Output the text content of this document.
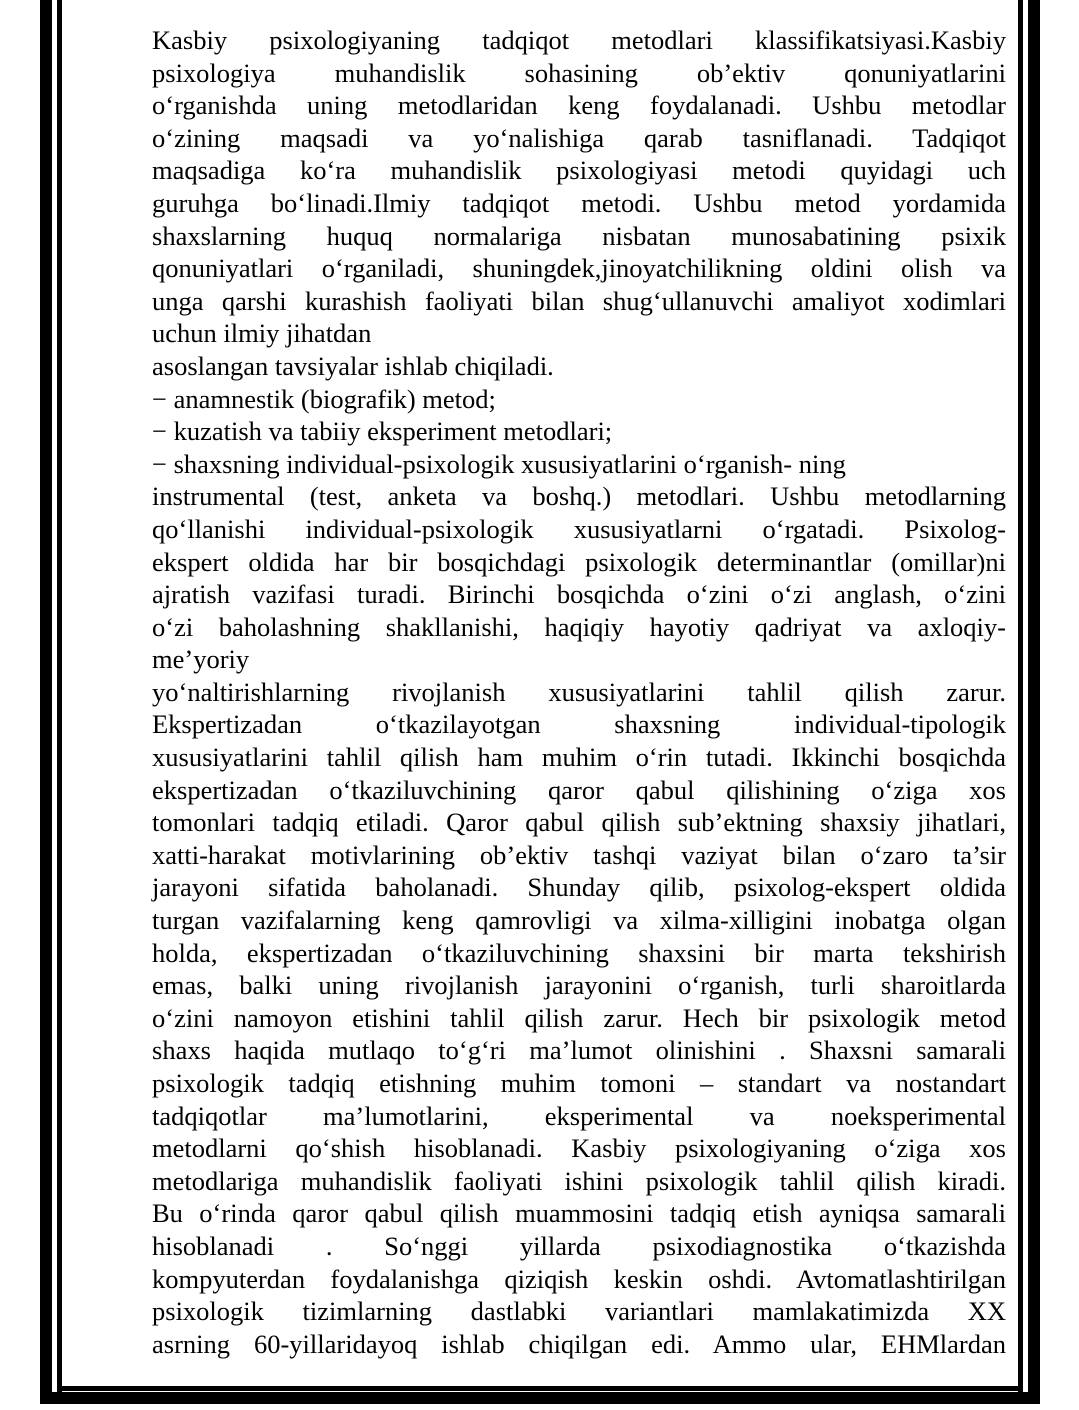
Kasbiy psixologiyaning tadqiqot metodlari klassifikatsiyasi.Kasbiy
psixologiya muhandislik sohasining ob’ektiv qonuniyatlarini
o‘rganishda uning metodlaridan keng foydalanadi. Ushbu metodlar
o‘zining maqsadi va yo‘nalishiga qarab tasniflanadi. Tadqiqot
maqsadiga ko‘ra muhandislik psixologiyasi metodi quyidagi uch
guruhga bo‘linadi.Ilmiy tadqiqot metodi. Ushbu metod yordamida
shaxslarning huquq normalariga nisbatan munosabatining psixik
qonuniyatlari o‘rganiladi, shuningdek,jinoyatchilikning oldini olish va
unga qarshi kurashish faoliyati bilan shug‘ullanuvchi amaliyot xodimlari
uchun ilmiy jihatdan
asoslangan tavsiyalar ishlab chiqiladi.
− anamnestik (biografik) metod;
− kuzatish va tabiiy eksperiment metodlari;
− shaxsning individual-psixologik xususiyatlarini o‘rganish- ning
instrumental (test, anketa va boshq.) metodlari. Ushbu metodlarning
qo‘llanishi individual-psixologik xususiyatlarni o‘rgatadi. Psixolog-
ekspert oldida har bir bosqichdagi psixologik determinantlar (omillar)ni
ajratish vazifasi turadi. Birinchi bosqichda o‘zini o‘zi anglash, o‘zini
o‘zi baholashning shakllanishi, haqiqiy hayotiy qadriyat va axloqiy-
me’yoriy
yo‘naltirishlarning rivojlanish xususiyatlarini tahlil qilish zarur.
Ekspertizadan o‘tkazilayotgan shaxsning individual-tipologik
xususiyatlarini tahlil qilish ham muhim o‘rin tutadi. Ikkinchi bosqichda
ekspertizadan o‘tkaziluvchining qaror qabul qilishining o‘ziga xos
tomonlari tadqiq etiladi. Qaror qabul qilish sub’ektning shaxsiy jihatlari,
xatti-harakat motivlarining ob’ektiv tashqi vaziyat bilan o‘zaro ta’sir
jarayoni sifatida baholanadi. Shunday qilib, psixolog-ekspert oldida
turgan vazifalarning keng qamrovligi va xilma-xilligini inobatga olgan
holda, ekspertizadan o‘tkaziluvchining shaxsini bir marta tekshirish
emas, balki uning rivojlanish jarayonini o‘rganish, turli sharoitlarda
o‘zini namoyon etishini tahlil qilish zarur. Hech bir psixologik metod
shaxs haqida mutlaqo to‘g‘ri ma’lumot olinishini . Shaxsni samarali
psixologik tadqiq etishning muhim tomoni – standart va nostandart
tadqiqotlar ma’lumotlarini, eksperimental va noeksperimental
metodlarni qo‘shish hisoblanadi. Kasbiy psixologiyaning o‘ziga xos
metodlariga muhandislik faoliyati ishini psixologik tahlil qilish kiradi.
Bu o‘rinda qaror qabul qilish muammosini tadqiq etish ayniqsa samarali
hisoblanadi . So‘nggi yillarda psixodiagnostika o‘tkazishda
kompyuterdan foydalanishga qiziqish keskin oshdi. Avtomatlashtirilgan
psixologik tizimlarning dastlabki variantlari mamlakatimizda XX
asrning 60-yillaridayoq ishlab chiqilgan edi. Ammo ular, EHMlardan
